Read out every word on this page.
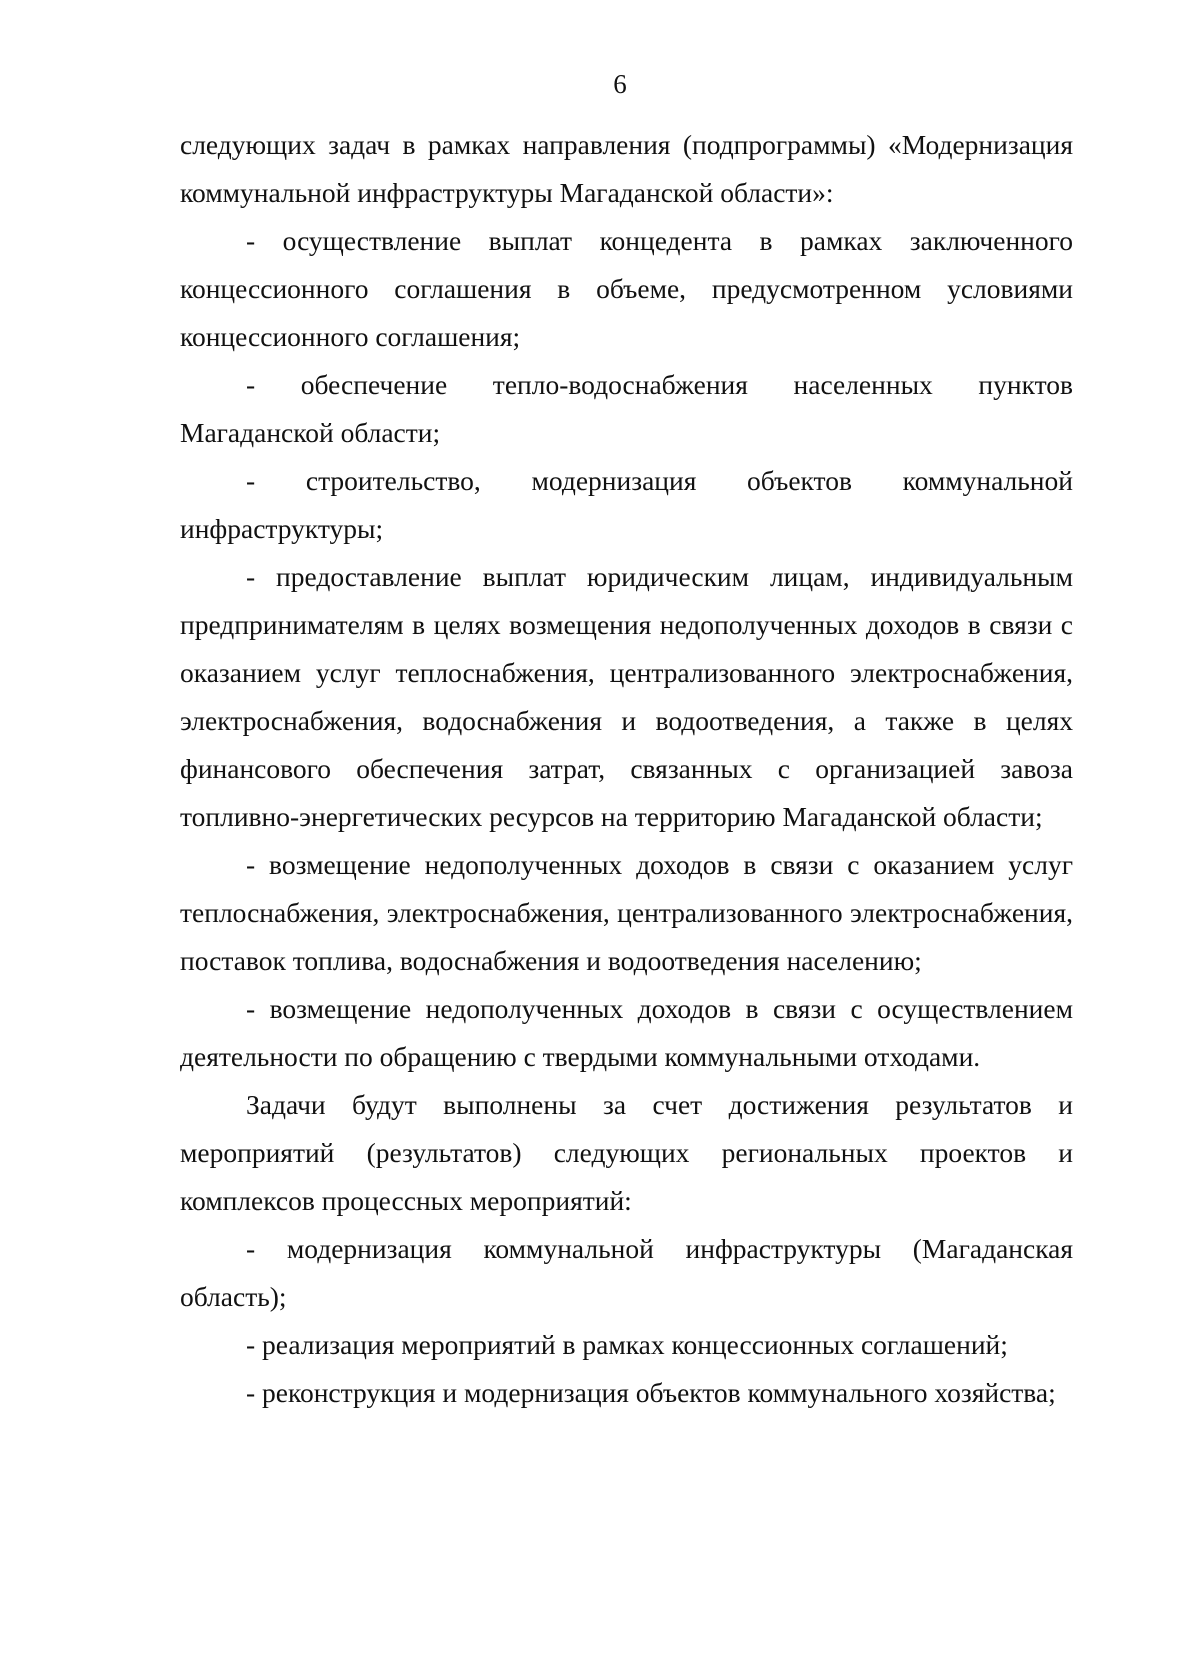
6

следующих задач в рамках направления (подпрограммы) «Модернизация коммунальной инфраструктуры Магаданской области»:

- осуществление выплат концедента в рамках заключенного концессионного соглашения в объеме, предусмотренном условиями концессионного соглашения;

- обеспечение тепло-водоснабжения населенных пунктов Магаданской области;

- строительство, модернизация объектов коммунальной инфраструктуры;

- предоставление выплат юридическим лицам, индивидуальным предпринимателям в целях возмещения недополученных доходов в связи с оказанием услуг теплоснабжения, централизованного электроснабжения, электроснабжения, водоснабжения и водоотведения, а также в целях финансового обеспечения затрат, связанных с организацией завоза топливно-энергетических ресурсов на территорию Магаданской области;

- возмещение недополученных доходов в связи с оказанием услуг теплоснабжения, электроснабжения, централизованного электроснабжения, поставок топлива, водоснабжения и водоотведения населению;

- возмещение недополученных доходов в связи с осуществлением деятельности по обращению с твердыми коммунальными отходами.

Задачи будут выполнены за счет достижения результатов и мероприятий (результатов) следующих региональных проектов и комплексов процессных мероприятий:

- модернизация коммунальной инфраструктуры (Магаданская область);

- реализация мероприятий в рамках концессионных соглашений;

- реконструкция и модернизация объектов коммунального хозяйства;
